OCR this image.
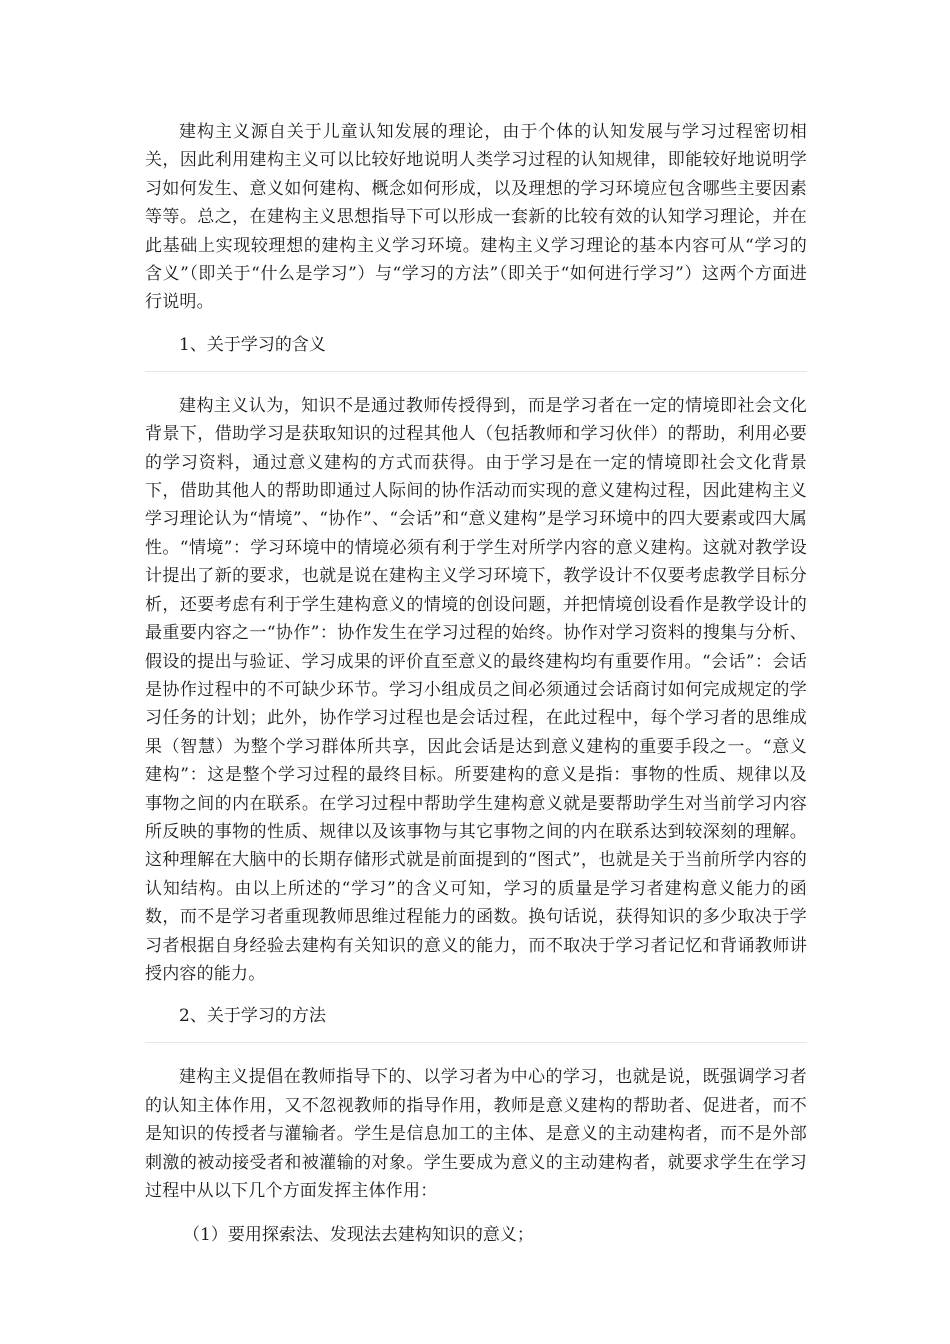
建构主义源自关于儿童认知发展的理论，由于个体的认知发展与学习过程密切相关，因此利用建构主义可以比较好地说明人类学习过程的认知规律，即能较好地说明学习如何发生、意义如何建构、概念如何形成，以及理想的学习环境应包含哪些主要因素等等。总之，在建构主义思想指导下可以形成一套新的比较有效的认知学习理论，并在此基础上实现较理想的建构主义学习环境。建构主义学习理论的基本内容可从“学习的含义”（即关于“什么是学习”）与“学习的方法”（即关于“如何进行学习”）这两个方面进行说明。

1、关于学习的含义

建构主义认为，知识不是通过教师传授得到，而是学习者在一定的情境即社会文化背景下，借助学习是获取知识的过程其他人（包括教师和学习伙伴）的帮助，利用必要的学习资料，通过意义建构的方式而获得。由于学习是在一定的情境即社会文化背景下，借助其他人的帮助即通过人际间的协作活动而实现的意义建构过程，因此建构主义学习理论认为“情境”、“协作”、“会话”和“意义建构”是学习环境中的四大要素或四大属性。“情境”：学习环境中的情境必须有利于学生对所学内容的意义建构。这就对教学设计提出了新的要求，也就是说在建构主义学习环境下，教学设计不仅要考虑教学目标分析，还要考虑有利于学生建构意义的情境的创设问题，并把情境创设看作是教学设计的最重要内容之一“协作”：协作发生在学习过程的始终。协作对学习资料的搜集与分析、假设的提出与验证、学习成果的评价直至意义的最终建构均有重要作用。“会话”：会话是协作过程中的不可缺少环节。学习小组成员之间必须通过会话商讨如何完成规定的学习任务的计划；此外，协作学习过程也是会话过程，在此过程中，每个学习者的思维成果（智慧）为整个学习群体所共享，因此会话是达到意义建构的重要手段之一。“意义建构”：这是整个学习过程的最终目标。所要建构的意义是指：事物的性质、规律以及事物之间的内在联系。在学习过程中帮助学生建构意义就是要帮助学生对当前学习内容所反映的事物的性质、规律以及该事物与其它事物之间的内在联系达到较深刻的理解。这种理解在大脑中的长期存储形式就是前面提到的“图式”，也就是关于当前所学内容的认知结构。由以上所述的“学习”的含义可知，学习的质量是学习者建构意义能力的函数，而不是学习者重现教师思维过程能力的函数。换句话说，获得知识的多少取决于学习者根据自身经验去建构有关知识的意义的能力，而不取决于学习者记忆和背诵教师讲授内容的能力。

2、关于学习的方法

建构主义提倡在教师指导下的、以学习者为中心的学习，也就是说，既强调学习者的认知主体作用，又不忽视教师的指导作用，教师是意义建构的帮助者、促进者，而不是知识的传授者与灌输者。学生是信息加工的主体、是意义的主动建构者，而不是外部刺激的被动接受者和被灌输的对象。学生要成为意义的主动建构者，就要求学生在学习过程中从以下几个方面发挥主体作用：

（1）要用探索法、发现法去建构知识的意义；
